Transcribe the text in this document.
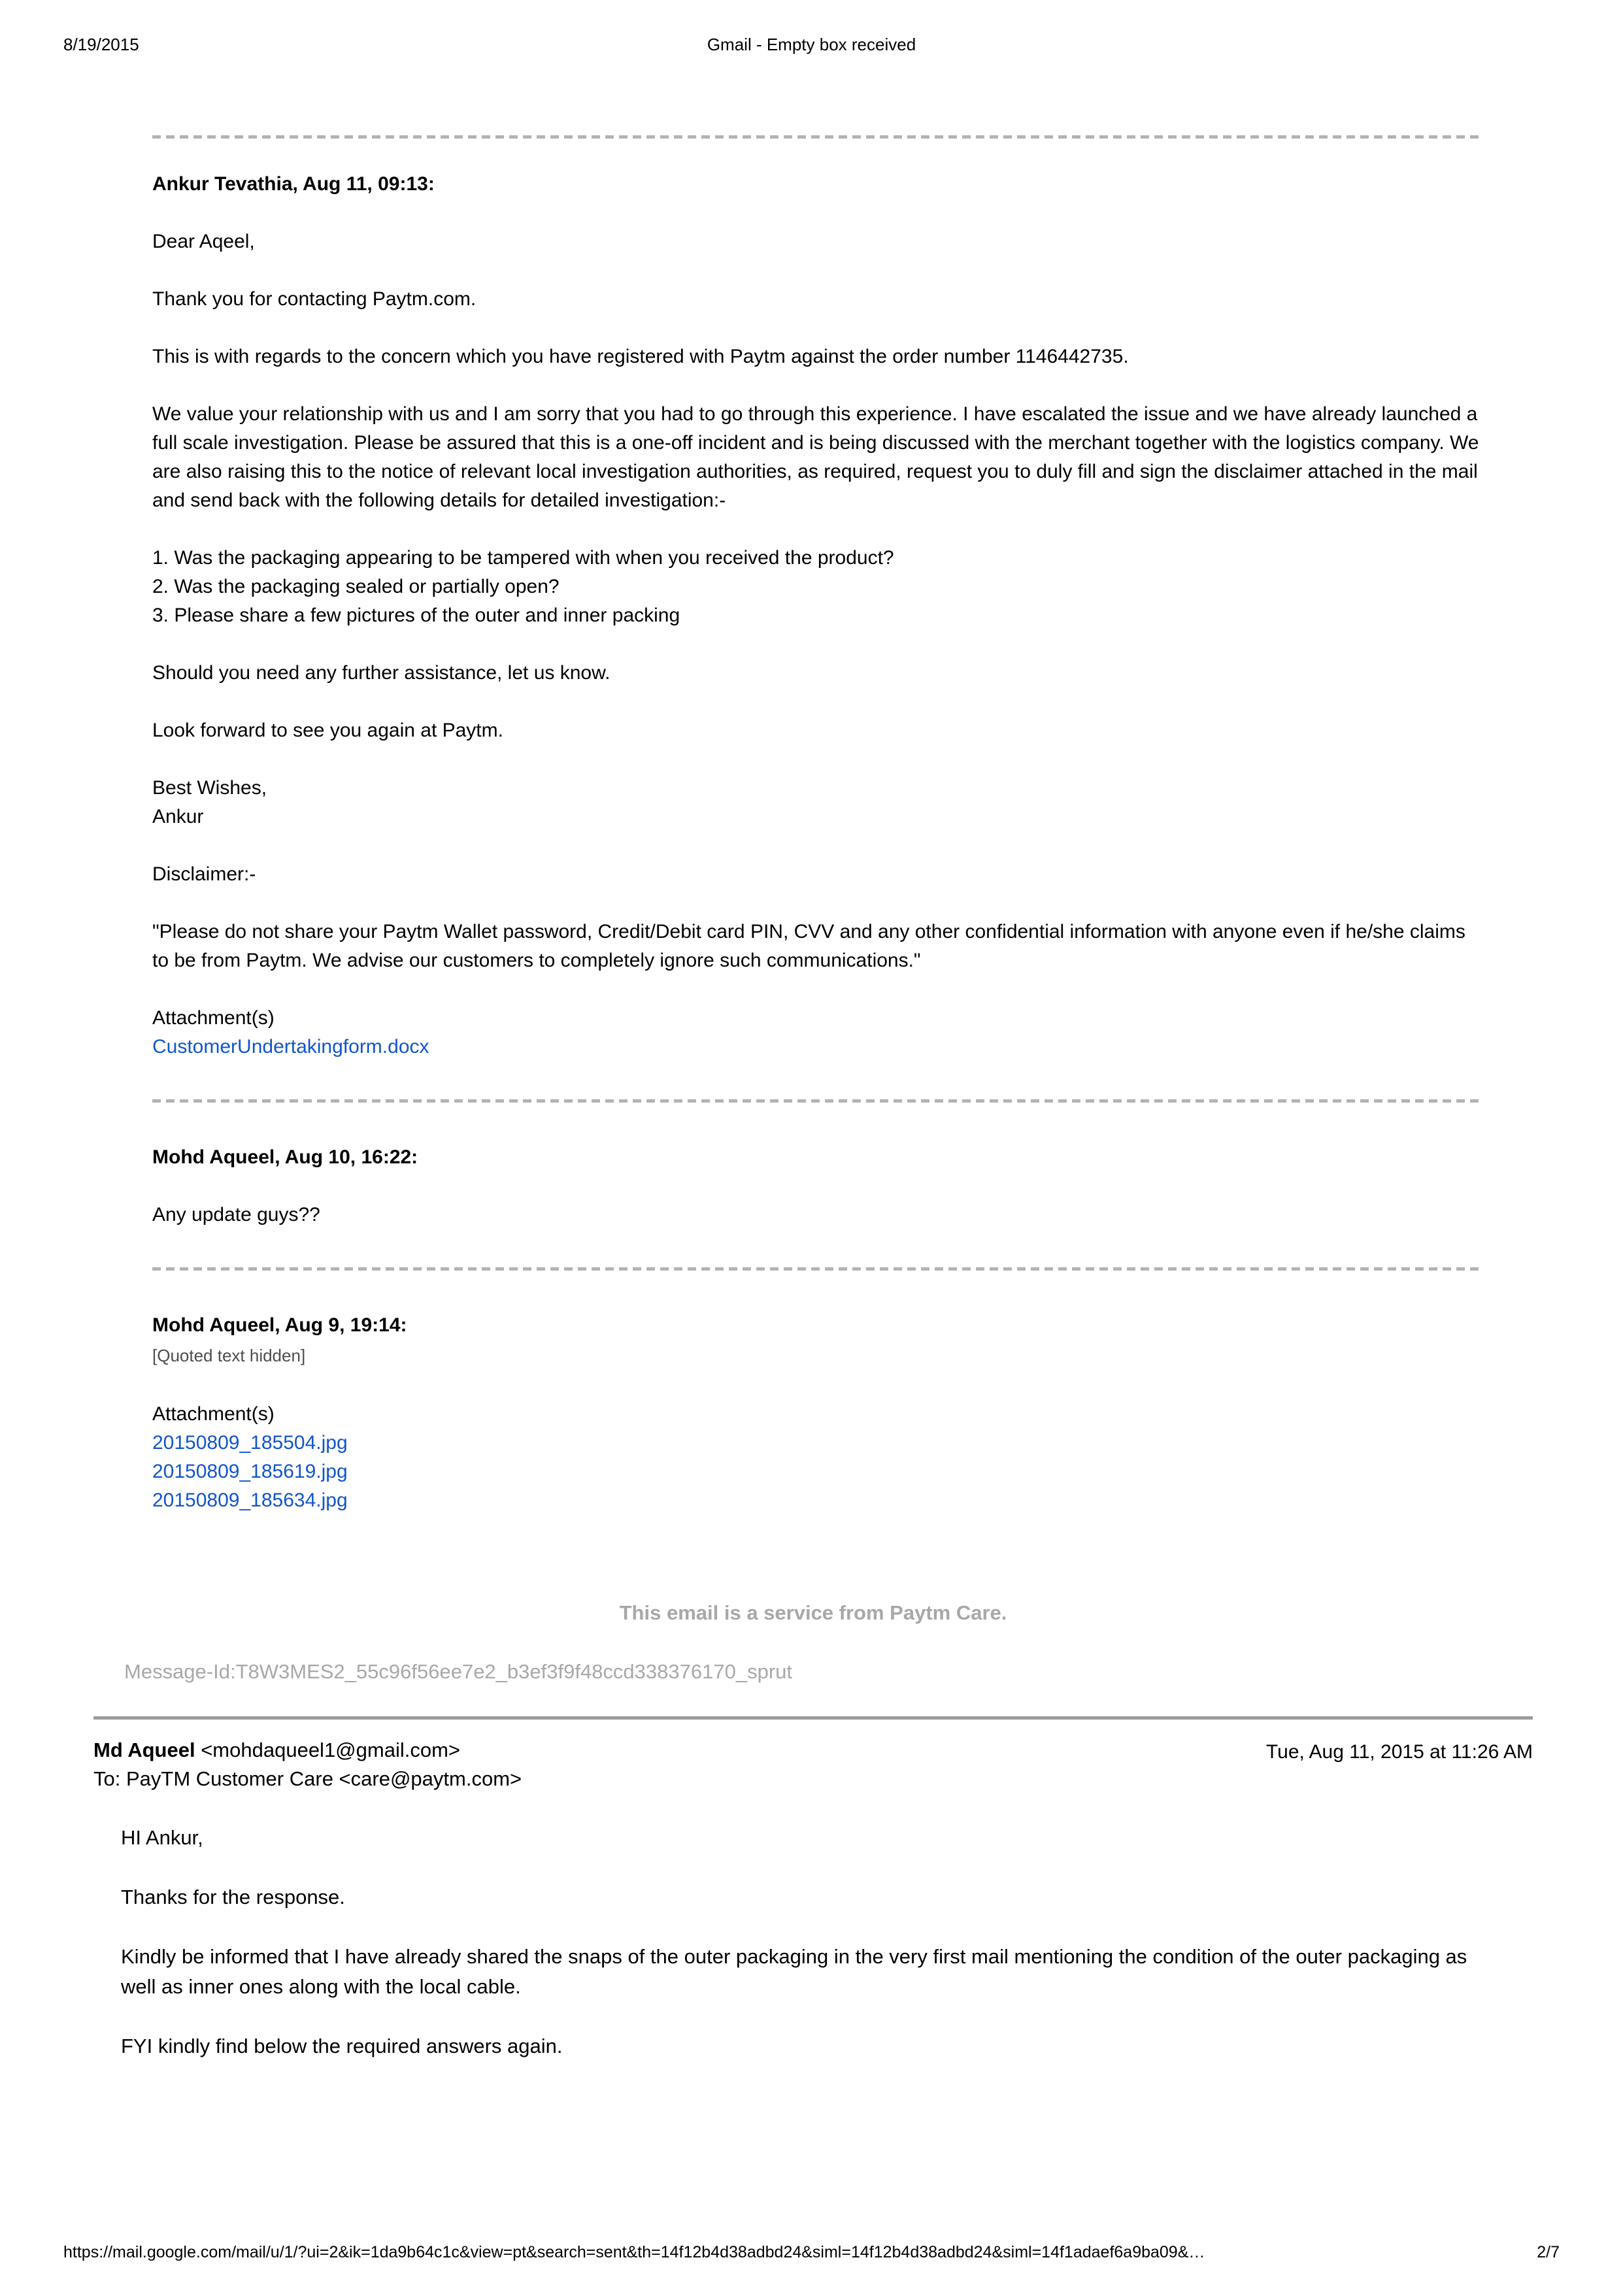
8/19/2015	Gmail - Empty box received
Ankur Tevathia, Aug 11, 09:13:

Dear Aqeel,

Thank you for contacting Paytm.com.

This is with regards to the concern which you have registered with Paytm against the order number 1146442735.

We value your relationship with us and I am sorry that you had to go through this experience. I have escalated the issue and we have already launched a full scale investigation. Please be assured that this is a one-off incident and is being discussed with the merchant together with the logistics company. We are also raising this to the notice of relevant local investigation authorities, as required, request you to duly fill and sign the disclaimer attached in the mail and send back with the following details for detailed investigation:-

1. Was the packaging appearing to be tampered with when you received the product?
2. Was the packaging sealed or partially open?
3. Please share a few pictures of the outer and inner packing

Should you need any further assistance, let us know.

Look forward to see you again at Paytm.

Best Wishes,
Ankur

Disclaimer:-

"Please do not share your Paytm Wallet password, Credit/Debit card PIN, CVV and any other confidential information with anyone even if he/she claims to be from Paytm. We advise our customers to completely ignore such communications."

Attachment(s)
CustomerUndertakingform.docx
Mohd Aqueel, Aug 10, 16:22:

Any update guys??

Mohd Aqueel, Aug 9, 19:14:
[Quoted text hidden]
Attachment(s)
20150809_185504.jpg
20150809_185619.jpg
20150809_185634.jpg
This email is a service from Paytm Care.
Message-Id:T8W3MES2_55c96f56ee7e2_b3ef3f9f48ccd338376170_sprut
Md Aqueel <mohdaqueel1@gmail.com>
To: PayTM Customer Care <care@paytm.com>
Tue, Aug 11, 2015 at 11:26 AM

HI Ankur,

Thanks for the response.

Kindly be informed that I have already shared the snaps of the outer packaging in the very first mail mentioning the condition of the outer packaging as well as inner ones along with the local cable.

FYI kindly find below the required answers again.

https://mail.google.com/mail/u/1/?ui=2&ik=1da9b64c1c&view=pt&search=sent&th=14f12b4d38adbd24&siml=14f12b4d38adbd24&siml=14f1adaef6a9ba09&…	2/7
